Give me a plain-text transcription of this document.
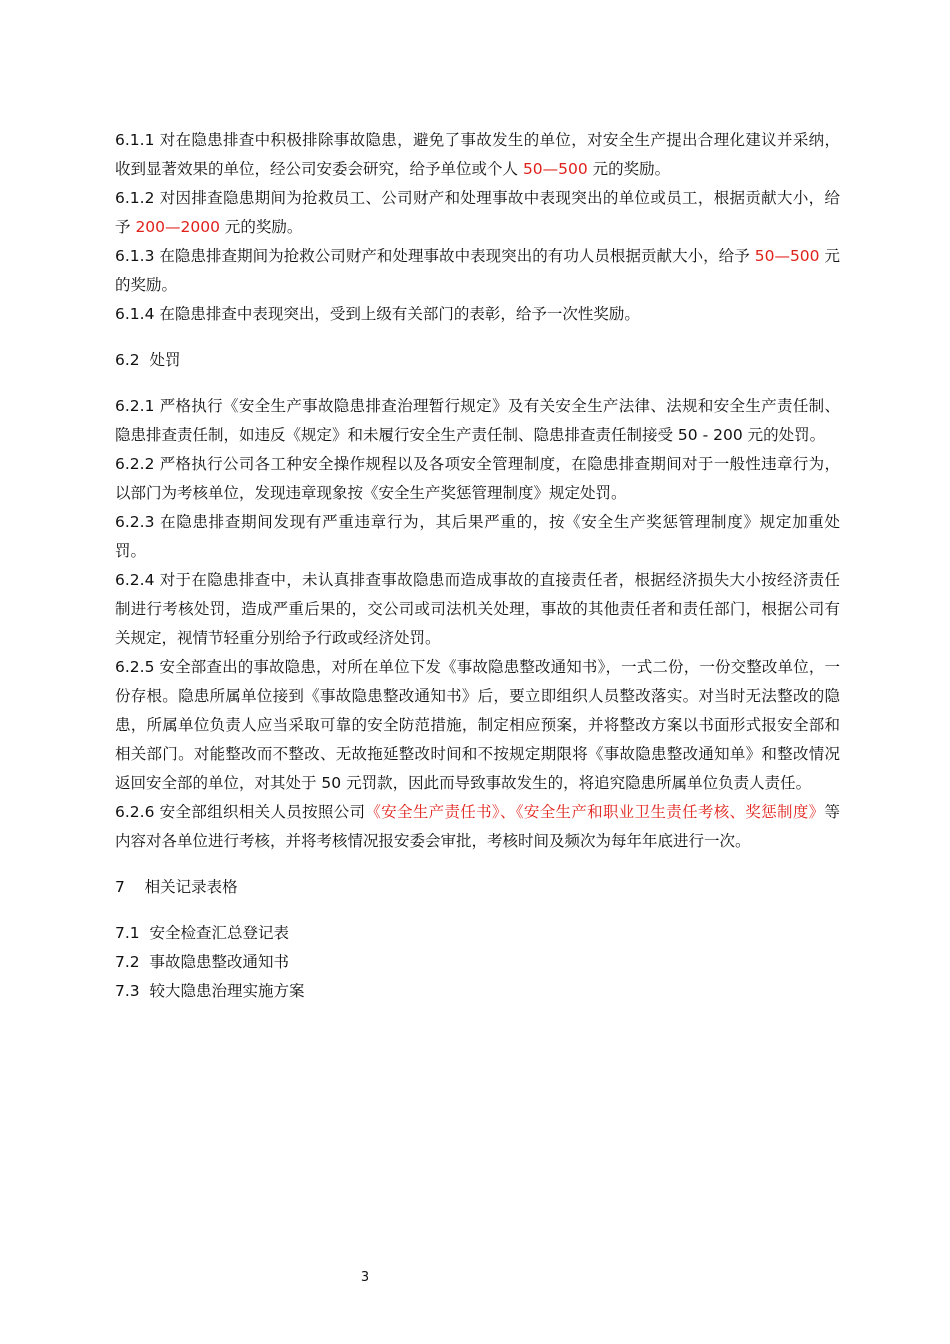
6.1.1 对在隐患排查中积极排除事故隐患，避免了事故发生的单位，对安全生产提出合理化建议并采纳，收到显著效果的单位，经公司安委会研究，给予单位或个人 50—500 元的奖励。

6.1.2 对因排查隐患期间为抢救员工、公司财产和处理事故中表现突出的单位或员工，根据贡献大小，给予 200—2000 元的奖励。

6.1.3 在隐患排查期间为抢救公司财产和处理事故中表现突出的有功人员根据贡献大小，给予 50—500 元的奖励。

6.1.4 在隐患排查中表现突出，受到上级有关部门的表彰，给予一次性奖励。

6.2  处罚

6.2.1 严格执行《安全生产事故隐患排查治理暂行规定》及有关安全生产法律、法规和安全生产责任制、隐患排查责任制，如违反《规定》和未履行安全生产责任制、隐患排查责任制接受 50 - 200 元的处罚。

6.2.2 严格执行公司各工种安全操作规程以及各项安全管理制度，在隐患排查期间对于一般性违章行为，以部门为考核单位，发现违章现象按《安全生产奖惩管理制度》规定处罚。

6.2.3 在隐患排查期间发现有严重违章行为，其后果严重的，按《安全生产奖惩管理制度》规定加重处罚。

6.2.4 对于在隐患排查中，未认真排查事故隐患而造成事故的直接责任者，根据经济损失大小按经济责任制进行考核处罚，造成严重后果的，交公司或司法机关处理，事故的其他责任者和责任部门，根据公司有关规定，视情节轻重分别给予行政或经济处罚。

6.2.5 安全部查出的事故隐患，对所在单位下发《事故隐患整改通知书》，一式二份，一份交整改单位，一份存根。隐患所属单位接到《事故隐患整改通知书》后，要立即组织人员整改落实。对当时无法整改的隐患，所属单位负责人应当采取可靠的安全防范措施，制定相应预案，并将整改方案以书面形式报安全部和相关部门。对能整改而不整改、无故拖延整改时间和不按规定期限将《事故隐患整改通知单》和整改情况返回安全部的单位，对其处于 50 元罚款，因此而导致事故发生的，将追究隐患所属单位负责人责任。

6.2.6 安全部组织相关人员按照公司《安全生产责任书》、《安全生产和职业卫生责任考核、奖惩制度》等内容对各单位进行考核，并将考核情况报安委会审批，考核时间及频次为每年年底进行一次。

7    相关记录表格

7.1  安全检查汇总登记表

7.2  事故隐患整改通知书

7.3  较大隐患治理实施方案

3
